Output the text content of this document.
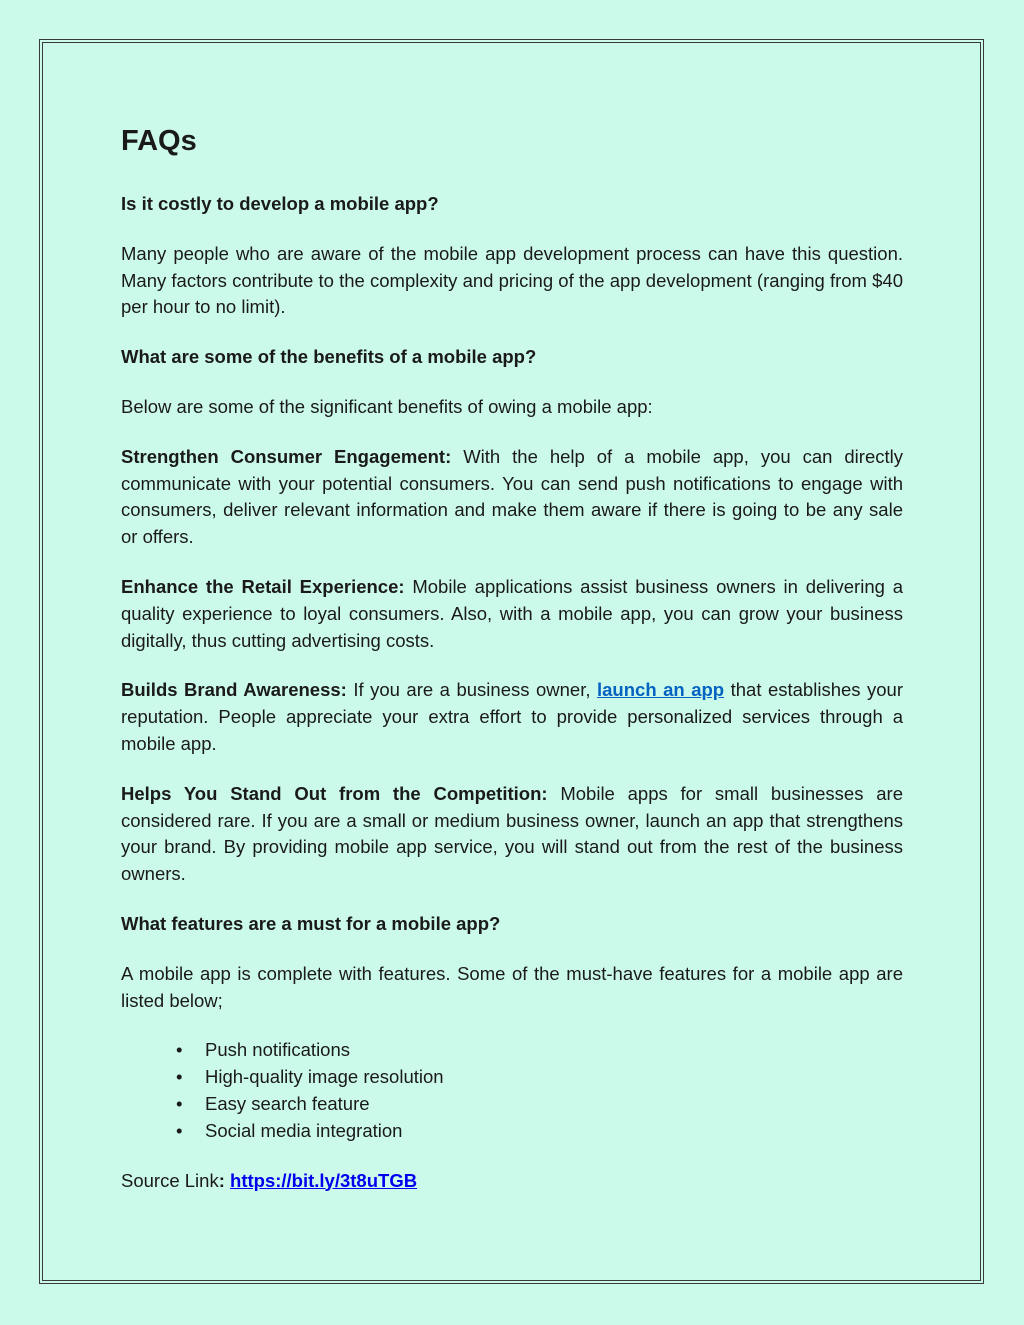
FAQs
Is it costly to develop a mobile app?

Many people who are aware of the mobile app development process can have this question. Many factors contribute to the complexity and pricing of the app development (ranging from $40 per hour to no limit).

What are some of the benefits of a mobile app?

Below are some of the significant benefits of owing a mobile app:

Strengthen Consumer Engagement: With the help of a mobile app, you can directly communicate with your potential consumers. You can send push notifications to engage with consumers, deliver relevant information and make them aware if there is going to be any sale or offers.

Enhance the Retail Experience: Mobile applications assist business owners in delivering a quality experience to loyal consumers. Also, with a mobile app, you can grow your business digitally, thus cutting advertising costs.

Builds Brand Awareness: If you are a business owner, launch an app that establishes your reputation. People appreciate your extra effort to provide personalized services through a mobile app.

Helps You Stand Out from the Competition: Mobile apps for small businesses are considered rare. If you are a small or medium business owner, launch an app that strengthens your brand. By providing mobile app service, you will stand out from the rest of the business owners.

What features are a must for a mobile app?

A mobile app is complete with features. Some of the must-have features for a mobile app are listed below;

• Push notifications
• High-quality image resolution
• Easy search feature
• Social media integration

Source Link: https://bit.ly/3t8uTGB
